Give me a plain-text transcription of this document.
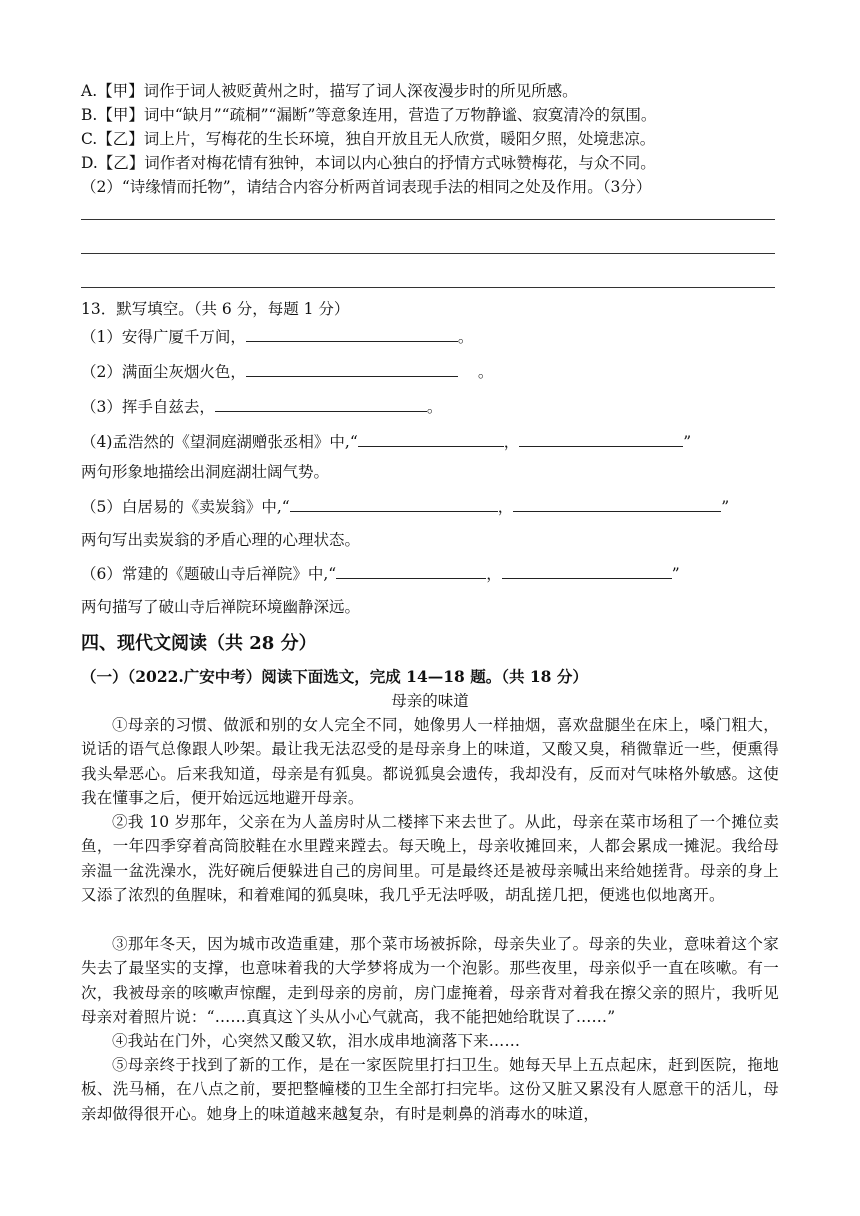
A.【甲】词作于词人被贬黄州之时，描写了词人深夜漫步时的所见所感。
B.【甲】词中“缺月”“疏桐”“漏断”等意象连用，营造了万物静谧、寂寞清冷的氛围。
C.【乙】词上片，写梅花的生长环境，独自开放且无人欣赏，暖阳夕照，处境悲凉。
D.【乙】词作者对梅花情有独钟，本词以内心独白的抒情方式咏赞梅花，与众不同。
（2）“诗缘情而托物”，请结合内容分析两首词表现手法的相同之处及作用。（3分）
13．默写填空。（共 6 分，每题 1 分）
（1）安得广厦千万间，	。
（2）满面尘灰烟火色，	。
（3）挥手自兹去，	。
（4)孟浩然的《望洞庭湖赠张丞相》中,“	，	”
两句形象地描绘出洞庭湖壮阔气势。
（5）白居易的《卖炭翁》中,“	，	”
两句写出卖炭翁的矛盾心理的心理状态。
（6）常建的《题破山寺后禅院》中,“	，	”
两句描写了破山寺后禅院环境幽静深远。
四、现代文阅读（共 28 分）
（一）（2022.广安中考）阅读下面选文，完成 14—18 题。（共 18 分）
母亲的味道
①母亲的习惯、做派和别的女人完全不同，她像男人一样抽烟，喜欢盘腿坐在床上，嗓门粗大，说话的语气总像跟人吵架。最让我无法忍受的是母亲身上的味道，又酸又臭，稍微靠近一些，便熏得我头晕恶心。后来我知道，母亲是有狐臭。都说狐臭会遗传，我却没有，反而对气味格外敏感。这使我在懂事之后，便开始远远地避开母亲。
②我 10 岁那年，父亲在为人盖房时从二楼摔下来去世了。从此，母亲在菜市场租了一个摊位卖鱼，一年四季穿着高筒胶鞋在水里蹚来蹚去。每天晚上，母亲收摊回来，人都会累成一摊泥。我给母亲温一盆洗澡水，洗好碗后便躲进自己的房间里。可是最终还是被母亲喊出来给她搓背。母亲的身上又添了浓烈的鱼腥味，和着难闻的狐臭味，我几乎无法呼吸，胡乱搓几把，便逃也似地离开。
③那年冬天，因为城市改造重建，那个菜市场被拆除，母亲失业了。母亲的失业，意味着这个家失去了最坚实的支撑，也意味着我的大学梦将成为一个泡影。那些夜里，母亲似乎一直在咳嗽。有一次，我被母亲的咳嗽声惊醒，走到母亲的房前，房门虚掩着，母亲背对着我在擦父亲的照片，我听见母亲对着照片说：“……真真这丫头从小心气就高，我不能把她给耽误了……”
④我站在门外，心突然又酸又软，泪水成串地滴落下来……
⑤母亲终于找到了新的工作，是在一家医院里打扫卫生。她每天早上五点起床，赶到医院，拖地板、洗马桶，在八点之前，要把整幢楼的卫生全部打扫完毕。这份又脏又累没有人愿意干的活儿，母亲却做得很开心。她身上的味道越来越复杂，有时是刺鼻的消毒水的味道，
